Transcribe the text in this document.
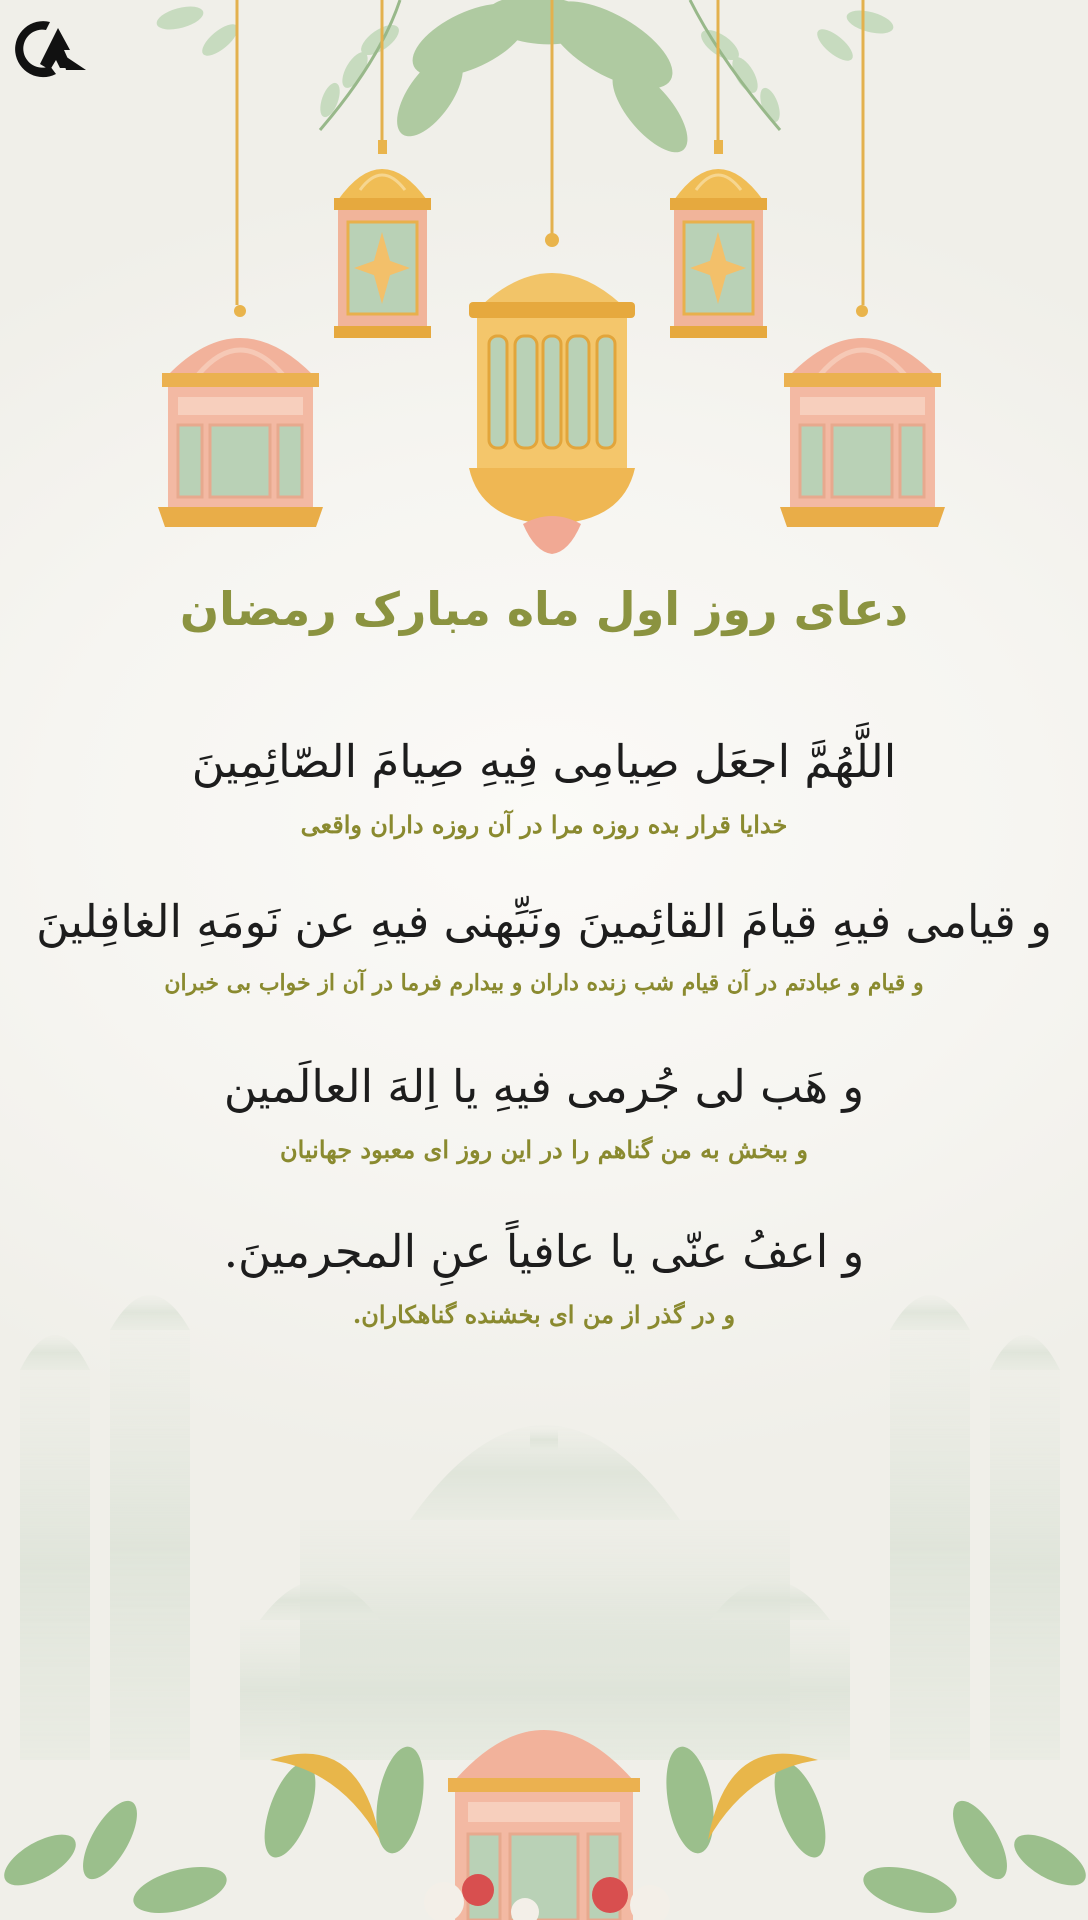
دعای روز اول ماه مبارک رمضان
اللَّهُمَّ اجعَل صِيامِى فِيهِ صِيامَ الصّائِمِينَ
خدایا قرار بده روزه مرا در آن روزه داران واقعی
و قيامى فيهِ قيامَ القائِمينَ ونَبِّهنى فيهِ عن نَومَهِ الغافِلينَ
و قیام و عبادتم در آن قیام شب زنده داران و بیدارم فرما در آن از خواب بی خبران
و هَب لى جُرمى فيهِ يا اِلهَ العالَمين
و ببخش به من گناهم را در این روز ای معبود جهانیان
و اعفُ عنّى يا عافياً عنِ المجرمينَ.
و در گذر از من ای بخشنده گناهکاران.
